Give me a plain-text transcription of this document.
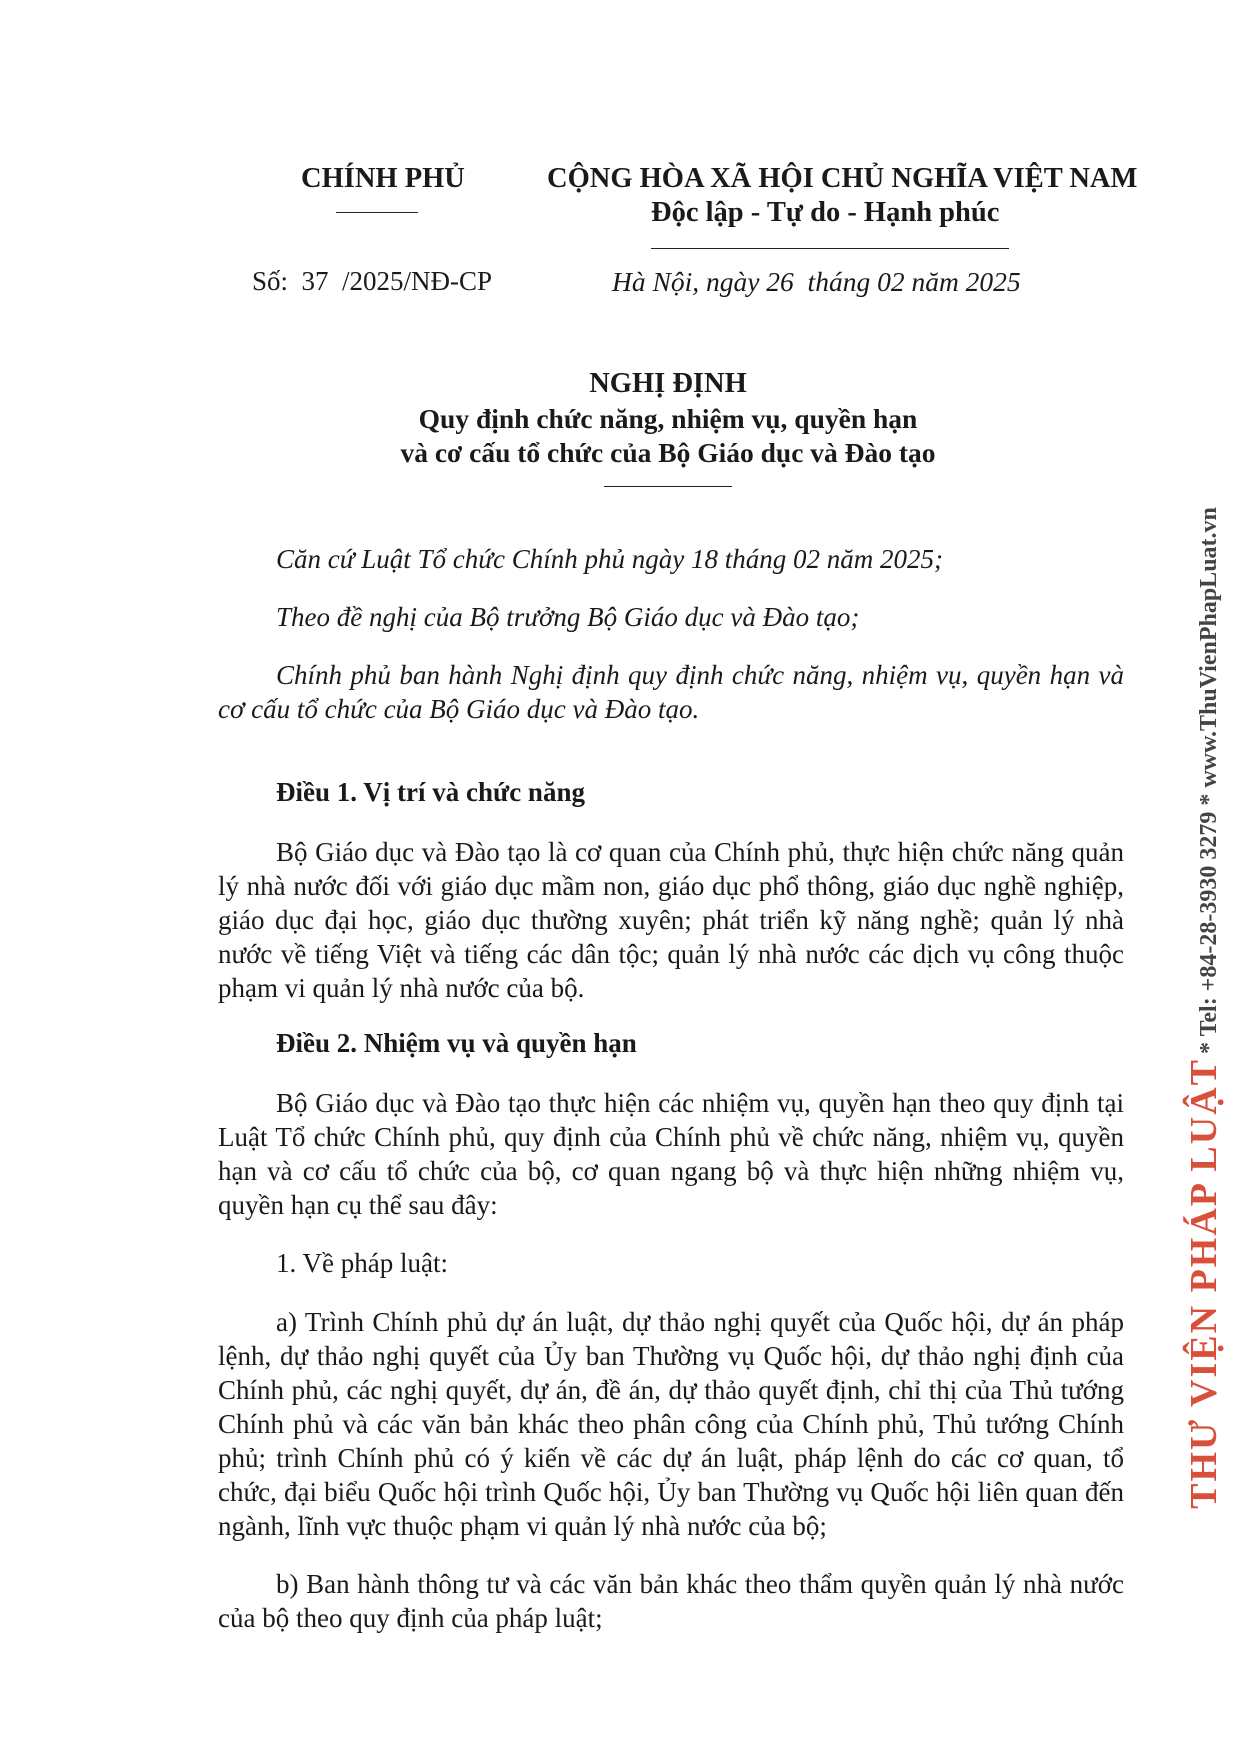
CHÍNH PHỦ	CỘNG HÒA XÃ HỘI CHỦ NGHĨA VIỆT NAM
Độc lập - Tự do - Hạnh phúc
Số:  37  /2025/NĐ-CP	Hà Nội, ngày 26  tháng 02 năm 2025
NGHỊ ĐỊNH
Quy định chức năng, nhiệm vụ, quyền hạn
và cơ cấu tổ chức của Bộ Giáo dục và Đào tạo
Căn cứ Luật Tổ chức Chính phủ ngày 18 tháng 02 năm 2025;
Theo đề nghị của Bộ trưởng Bộ Giáo dục và Đào tạo;
Chính phủ ban hành Nghị định quy định chức năng, nhiệm vụ, quyền hạn và cơ cấu tổ chức của Bộ Giáo dục và Đào tạo.
Điều 1. Vị trí và chức năng
Bộ Giáo dục và Đào tạo là cơ quan của Chính phủ, thực hiện chức năng quản lý nhà nước đối với giáo dục mầm non, giáo dục phổ thông, giáo dục nghề nghiệp, giáo dục đại học, giáo dục thường xuyên; phát triển kỹ năng nghề; quản lý nhà nước về tiếng Việt và tiếng các dân tộc; quản lý nhà nước các dịch vụ công thuộc phạm vi quản lý nhà nước của bộ.
Điều 2. Nhiệm vụ và quyền hạn
Bộ Giáo dục và Đào tạo thực hiện các nhiệm vụ, quyền hạn theo quy định tại Luật Tổ chức Chính phủ, quy định của Chính phủ về chức năng, nhiệm vụ, quyền hạn và cơ cấu tổ chức của bộ, cơ quan ngang bộ và thực hiện những nhiệm vụ, quyền hạn cụ thể sau đây:
1. Về pháp luật:
a) Trình Chính phủ dự án luật, dự thảo nghị quyết của Quốc hội, dự án pháp lệnh, dự thảo nghị quyết của Ủy ban Thường vụ Quốc hội, dự thảo nghị định của Chính phủ, các nghị quyết, dự án, đề án, dự thảo quyết định, chỉ thị của Thủ tướng Chính phủ và các văn bản khác theo phân công của Chính phủ, Thủ tướng Chính phủ; trình Chính phủ có ý kiến về các dự án luật, pháp lệnh do các cơ quan, tổ chức, đại biểu Quốc hội trình Quốc hội, Ủy ban Thường vụ Quốc hội liên quan đến ngành, lĩnh vực thuộc phạm vi quản lý nhà nước của bộ;
b) Ban hành thông tư và các văn bản khác theo thẩm quyền quản lý nhà nước của bộ theo quy định của pháp luật;
THƯ VIỆN PHÁP LUẬT * Tel: +84-28-3930 3279 * www.ThuVienPhapLuat.vn
